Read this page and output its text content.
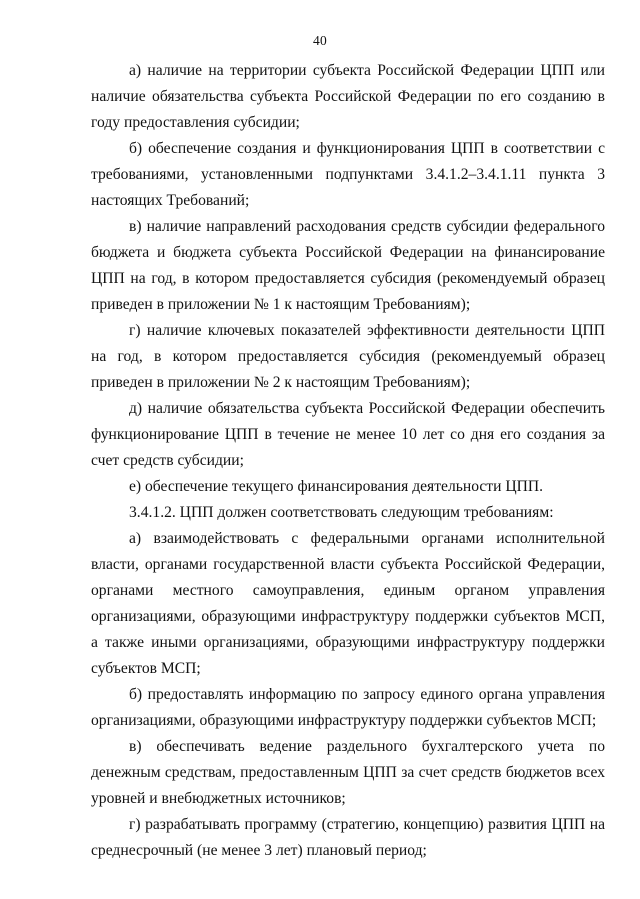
40

а) наличие на территории субъекта Российской Федерации ЦПП или наличие обязательства субъекта Российской Федерации по его созданию в году предоставления субсидии;

б) обеспечение создания и функционирования ЦПП в соответствии с требованиями, установленными подпунктами 3.4.1.2–3.4.1.11 пункта 3 настоящих Требований;

в) наличие направлений расходования средств субсидии федерального бюджета и бюджета субъекта Российской Федерации на финансирование ЦПП на год, в котором предоставляется субсидия (рекомендуемый образец приведен в приложении № 1 к настоящим Требованиям);

г) наличие ключевых показателей эффективности деятельности ЦПП на год, в котором предоставляется субсидия (рекомендуемый образец приведен в приложении № 2 к настоящим Требованиям);

д) наличие обязательства субъекта Российской Федерации обеспечить функционирование ЦПП в течение не менее 10 лет со дня его создания за счет средств субсидии;

е) обеспечение текущего финансирования деятельности ЦПП.

3.4.1.2. ЦПП должен соответствовать следующим требованиям:

а) взаимодействовать с федеральными органами исполнительной власти, органами государственной власти субъекта Российской Федерации, органами местного самоуправления, единым органом управления организациями, образующими инфраструктуру поддержки субъектов МСП, а также иными организациями, образующими инфраструктуру поддержки субъектов МСП;

б) предоставлять информацию по запросу единого органа управления организациями, образующими инфраструктуру поддержки субъектов МСП;

в) обеспечивать ведение раздельного бухгалтерского учета по денежным средствам, предоставленным ЦПП за счет средств бюджетов всех уровней и внебюджетных источников;

г) разрабатывать программу (стратегию, концепцию) развития ЦПП на среднесрочный (не менее 3 лет) плановый период;
